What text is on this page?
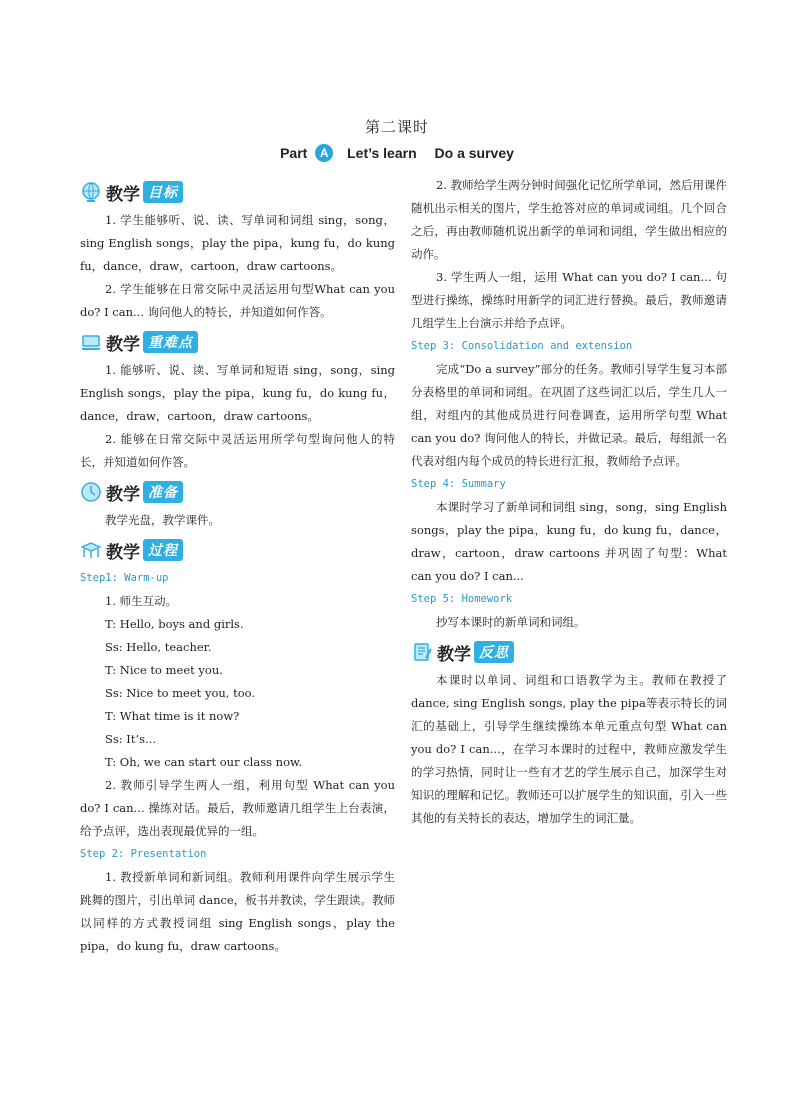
第二课时
Part A Let’s learn Do a survey
教学 目标

1. 学生能够听、说、读、写单词和词组 sing，song，sing English songs，play the pipa，kung fu，do kung fu，dance，draw，cartoon，draw cartoons。

2. 学生能够在日常交际中灵活运用句型What can you do? I can... 询问他人的特长，并知道如何作答。

教学 重难点

1. 能够听、说、读、写单词和短语 sing，song，sing English songs，play the pipa，kung fu，do kung fu，dance，draw，cartoon，draw cartoons。

2. 能够在日常交际中灵活运用所学句型询问他人的特长，并知道如何作答。

教学 准备

教学光盘，教学课件。

教学 过程

Step1: Warm-up

1. 师生互动。

T: Hello, boys and girls.

Ss: Hello, teacher.

T: Nice to meet you.

Ss: Nice to meet you, too.

T: What time is it now?

Ss: It’s...

T: Oh, we can start our class now.

2. 教师引导学生两人一组，利用句型 What can you do? I can... 操练对话。最后，教师邀请几组学生上台表演，给予点评，选出表现最优异的一组。

Step 2: Presentation

1. 教授新单词和新词组。教师利用课件向学生展示学生跳舞的图片，引出单词 dance，板书并教读，学生跟读。教师以同样的方式教授词组 sing English songs，play the pipa，do kung fu，draw cartoons。

2. 教师给学生两分钟时间强化记忆所学单词，然后用课件随机出示相关的图片，学生抢答对应的单词或词组。几个回合之后，再由教师随机说出新学的单词和词组，学生做出相应的动作。

3. 学生两人一组，运用 What can you do? I can... 句型进行操练，操练时用新学的词汇进行替换。最后，教师邀请几组学生上台演示并给予点评。

Step 3: Consolidation and extension

完成“Do a survey”部分的任务。教师引导学生复习本部分表格里的单词和词组。在巩固了这些词汇以后，学生几人一组，对组内的其他成员进行问卷调查，运用所学句型 What can you do? 询问他人的特长，并做记录。最后，每组派一名代表对组内每个成员的特长进行汇报，教师给予点评。

Step 4: Summary

本课时学习了新单词和词组 sing，song，sing English songs，play the pipa，kung fu，do kung fu，dance，draw，cartoon，draw cartoons 并巩固了句型：What can you do? I can...

Step 5: Homework

抄写本课时的新单词和词组。

教学 反思

本课时以单词、词组和口语教学为主。教师在教授了 dance, sing English songs, play the pipa等表示特长的词汇的基础上，引导学生继续操练本单元重点句型 What can you do? I can...，在学习本课时的过程中，教师应激发学生的学习热情，同时让一些有才艺的学生展示自己，加深学生对知识的理解和记忆。教师还可以扩展学生的知识面，引入一些其他的有关特长的表达，增加学生的词汇量。
